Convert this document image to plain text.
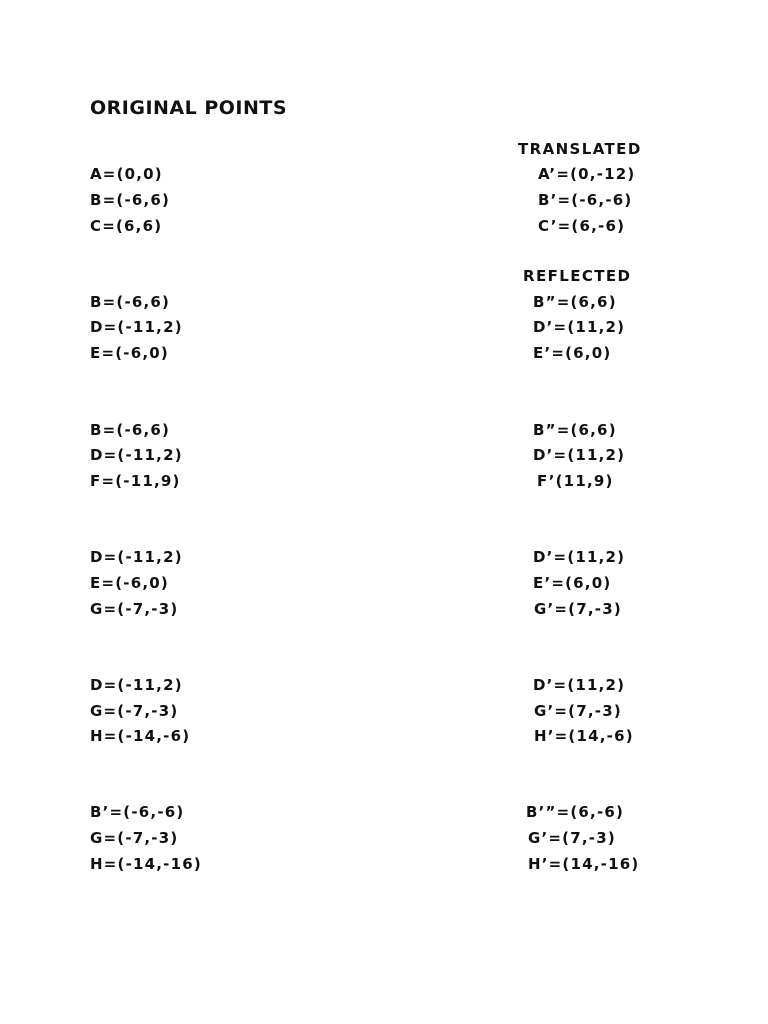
ORIGINAL POINTS
TRANSLATED
REFLECTED
A=(0,0)
B=(-6,6)
C=(6,6)
A’=(0,-12)
B’=(-6,-6)
C’=(6,-6)
B=(-6,6)
D=(-11,2)
E=(-6,0)
B”=(6,6)
D’=(11,2)
E’=(6,0)
B=(-6,6)
D=(-11,2)
F=(-11,9)
B”=(6,6)
D’=(11,2)
F’(11,9)
D=(-11,2)
E=(-6,0)
G=(-7,-3)
D’=(11,2)
E’=(6,0)
G’=(7,-3)
D=(-11,2)
G=(-7,-3)
H=(-14,-6)
D’=(11,2)
G’=(7,-3)
H’=(14,-6)
B’=(-6,-6)
G=(-7,-3)
H=(-14,-16)
B’”=(6,-6)
G’=(7,-3)
H’=(14,-16)
